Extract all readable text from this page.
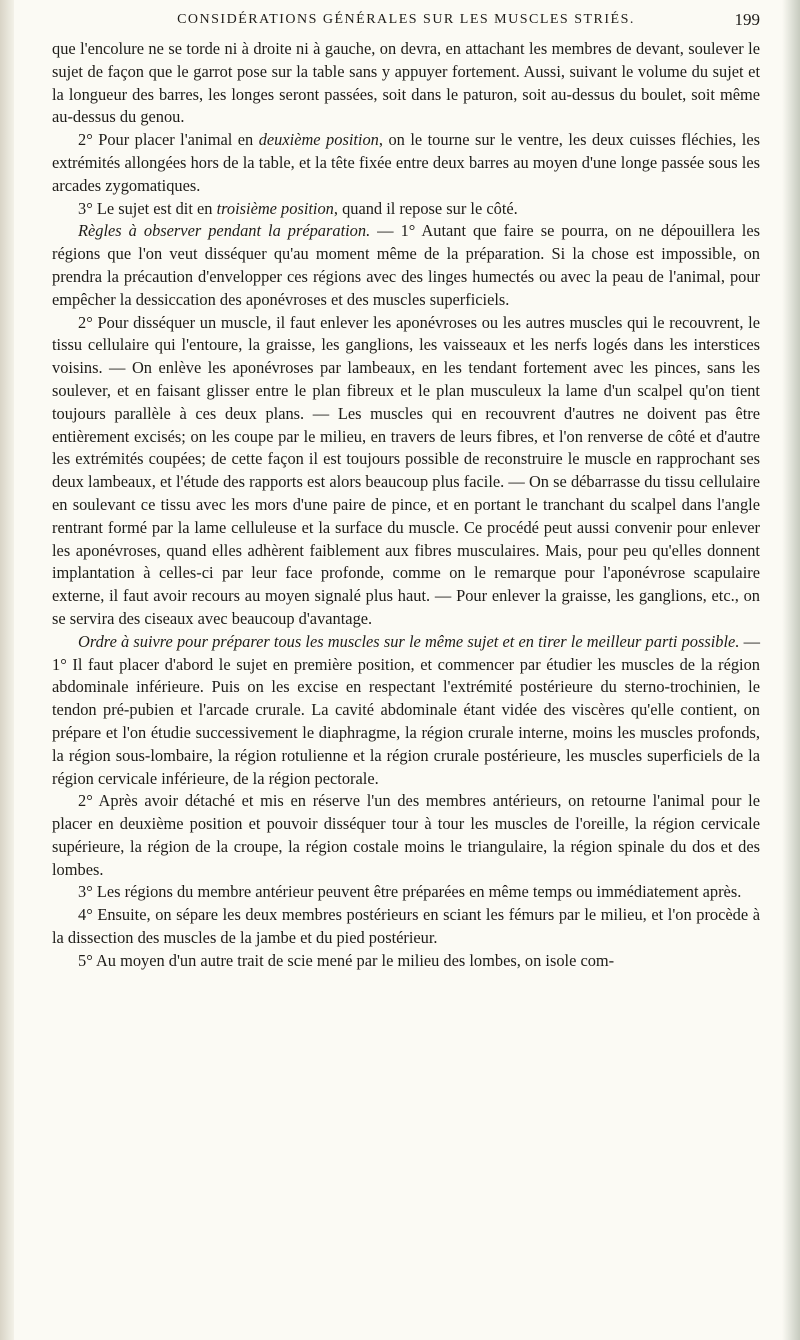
CONSIDÉRATIONS GÉNÉRALES SUR LES MUSCLES STRIÉS.	199

que l'encolure ne se torde ni à droite ni à gauche, on devra, en attachant les membres de devant, soulever le sujet de façon que le garrot pose sur la table sans y appuyer fortement. Aussi, suivant le volume du sujet et la longueur des barres, les longes seront passées, soit dans le paturon, soit au-dessus du boulet, soit même au-dessus du genou.

2° Pour placer l'animal en deuxième position, on le tourne sur le ventre, les deux cuisses fléchies, les extrémités allongées hors de la table, et la tête fixée entre deux barres au moyen d'une longe passée sous les arcades zygomatiques.

3° Le sujet est dit en troisième position, quand il repose sur le côté.

Règles à observer pendant la préparation. — 1° Autant que faire se pourra, on ne dépouillera les régions que l'on veut disséquer qu'au moment même de la préparation. Si la chose est impossible, on prendra la précaution d'envelopper ces régions avec des linges humectés ou avec la peau de l'animal, pour empêcher la dessiccation des aponévroses et des muscles superficiels.

2° Pour disséquer un muscle, il faut enlever les aponévroses ou les autres muscles qui le recouvrent, le tissu cellulaire qui l'entoure, la graisse, les ganglions, les vaisseaux et les nerfs logés dans les interstices voisins. — On enlève les aponévroses par lambeaux, en les tendant fortement avec les pinces, sans les soulever, et en faisant glisser entre le plan fibreux et le plan musculeux la lame d'un scalpel qu'on tient toujours parallèle à ces deux plans. — Les muscles qui en recouvrent d'autres ne doivent pas être entièrement excisés; on les coupe par le milieu, en travers de leurs fibres, et l'on renverse de côté et d'autre les extrémités coupées; de cette façon il est toujours possible de reconstruire le muscle en rapprochant ses deux lambeaux, et l'étude des rapports est alors beaucoup plus facile. — On se débarrasse du tissu cellulaire en soulevant ce tissu avec les mors d'une paire de pince, et en portant le tranchant du scalpel dans l'angle rentrant formé par la lame celluleuse et la surface du muscle. Ce procédé peut aussi convenir pour enlever les aponévroses, quand elles adhèrent faiblement aux fibres musculaires. Mais, pour peu qu'elles donnent implantation à celles-ci par leur face profonde, comme on le remarque pour l'aponévrose scapulaire externe, il faut avoir recours au moyen signalé plus haut. — Pour enlever la graisse, les ganglions, etc., on se servira des ciseaux avec beaucoup d'avantage.

Ordre à suivre pour préparer tous les muscles sur le même sujet et en tirer le meilleur parti possible. — 1° Il faut placer d'abord le sujet en première position, et commencer par étudier les muscles de la région abdominale inférieure. Puis on les excise en respectant l'extrémité postérieure du sterno-trochinien, le tendon pré-pubien et l'arcade crurale. La cavité abdominale étant vidée des viscères qu'elle contient, on prépare et l'on étudie successivement le diaphragme, la région crurale interne, moins les muscles profonds, la région sous-lombaire, la région rotulienne et la région crurale postérieure, les muscles superficiels de la région cervicale inférieure, de la région pectorale.

2° Après avoir détaché et mis en réserve l'un des membres antérieurs, on retourne l'animal pour le placer en deuxième position et pouvoir disséquer tour à tour les muscles de l'oreille, la région cervicale supérieure, la région de la croupe, la région costale moins le triangulaire, la région spinale du dos et des lombes.

3° Les régions du membre antérieur peuvent être préparées en même temps ou immédiatement après.

4° Ensuite, on sépare les deux membres postérieurs en sciant les fémurs par le milieu, et l'on procède à la dissection des muscles de la jambe et du pied postérieur.

5° Au moyen d'un autre trait de scie mené par le milieu des lombes, on isole com-
